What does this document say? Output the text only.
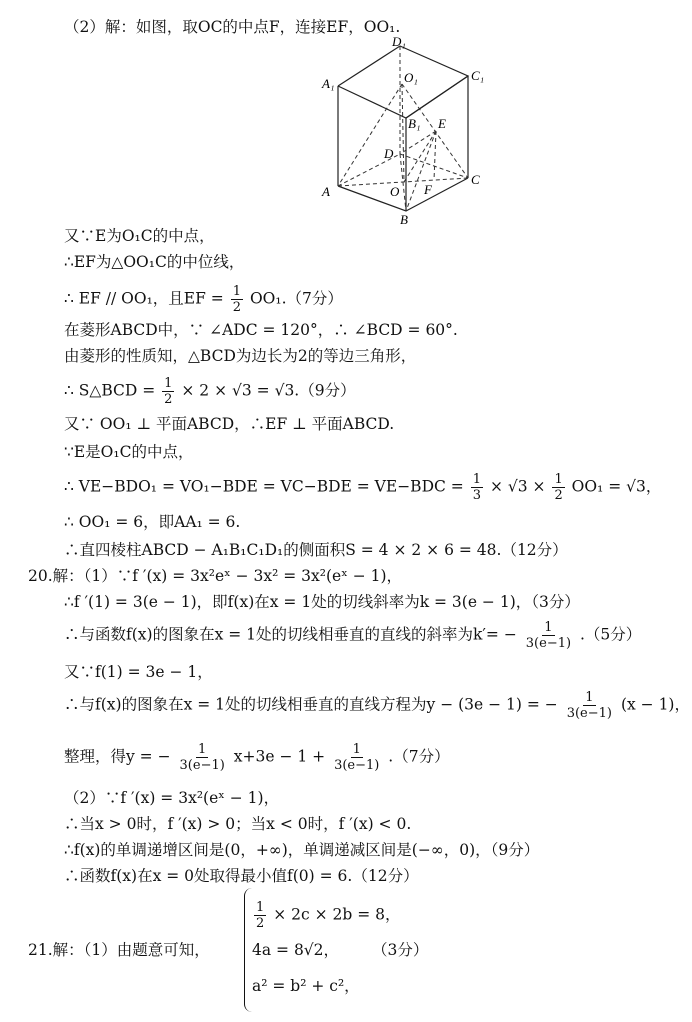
（2）解：如图，取OC的中点F，连接EF，OO₁.
A₁
D₁
C₁
O₁
B₁ E
D
A	O F
C
B
又∵E为O₁C的中点，
∴EF为△OO₁C的中位线，
∴ EF // OO₁，且EF = $\frac{1}{2} OO_1.(7$分）
在菱形ABCD中，∵ ∠ADC = 120°，∴ ∠BCD = 60°.
由菱形的性质知，△BCD为边长为2的等边三角形，
∴ S△BCD = $\frac{1}{2} \times 2 \times √3 = √3.(9$分）
又∵ OO₁ ⊥ 平面ABCD，∴EF ⊥ 平面ABCD.
∵E是O₁C的中点，
∴ $VE-BDO_1 = VO_1-BDE = VC-BDE = VE-BDC = \frac{1}{3} \times √3 \times \frac{1}{2} OO_1 = √3$，
∴ OO₁ = 6，即AA₁ = 6.
∴直四棱柱ABCD − A₁B₁C₁D₁的侧面积S = 4 × 2 × 6 = 48.（12分）
20.解：（1）∵f ′(x) = 3x²eˣ − 3x² = 3x²(eˣ − 1)，
∴f ′(1) = 3(e − 1)，即f(x)在x = 1处的切线斜率为k = 3(e − 1)，（3分）
∴与函数f(x)的图象在x = 1处的切线相垂直的直线的斜率为$k'= - \frac{1}{3(e-1)} .(5$分）
又∵f(1) = 3e − 1，
∴与f(x)的图象在x = 1处的切线相垂直的直线方程为y − (3e − 1) = − $\frac{1}{3(e-1)} (x - 1)$，
整理，得y = − $\frac{1}{3(e-1)} x+3e - 1 + \frac{1}{3(e-1)} .(7$分）
（2）∵f ′(x) = 3x²(eˣ − 1)，
∴当x > 0时，f ′(x) > 0；当x < 0时，f ′(x) < 0.
∴f(x)的单调递增区间是(0，+∞)，单调递减区间是(−∞，0)，（9分）
∴函数f(x)在x = 0处取得最小值f(0) = 6.（12分）
21.解：（1）由题意可知，
$\frac{1}{2} \times 2c \times 2b = 8$，
4a = 8√2， （3分）
a² = b² + c²，
